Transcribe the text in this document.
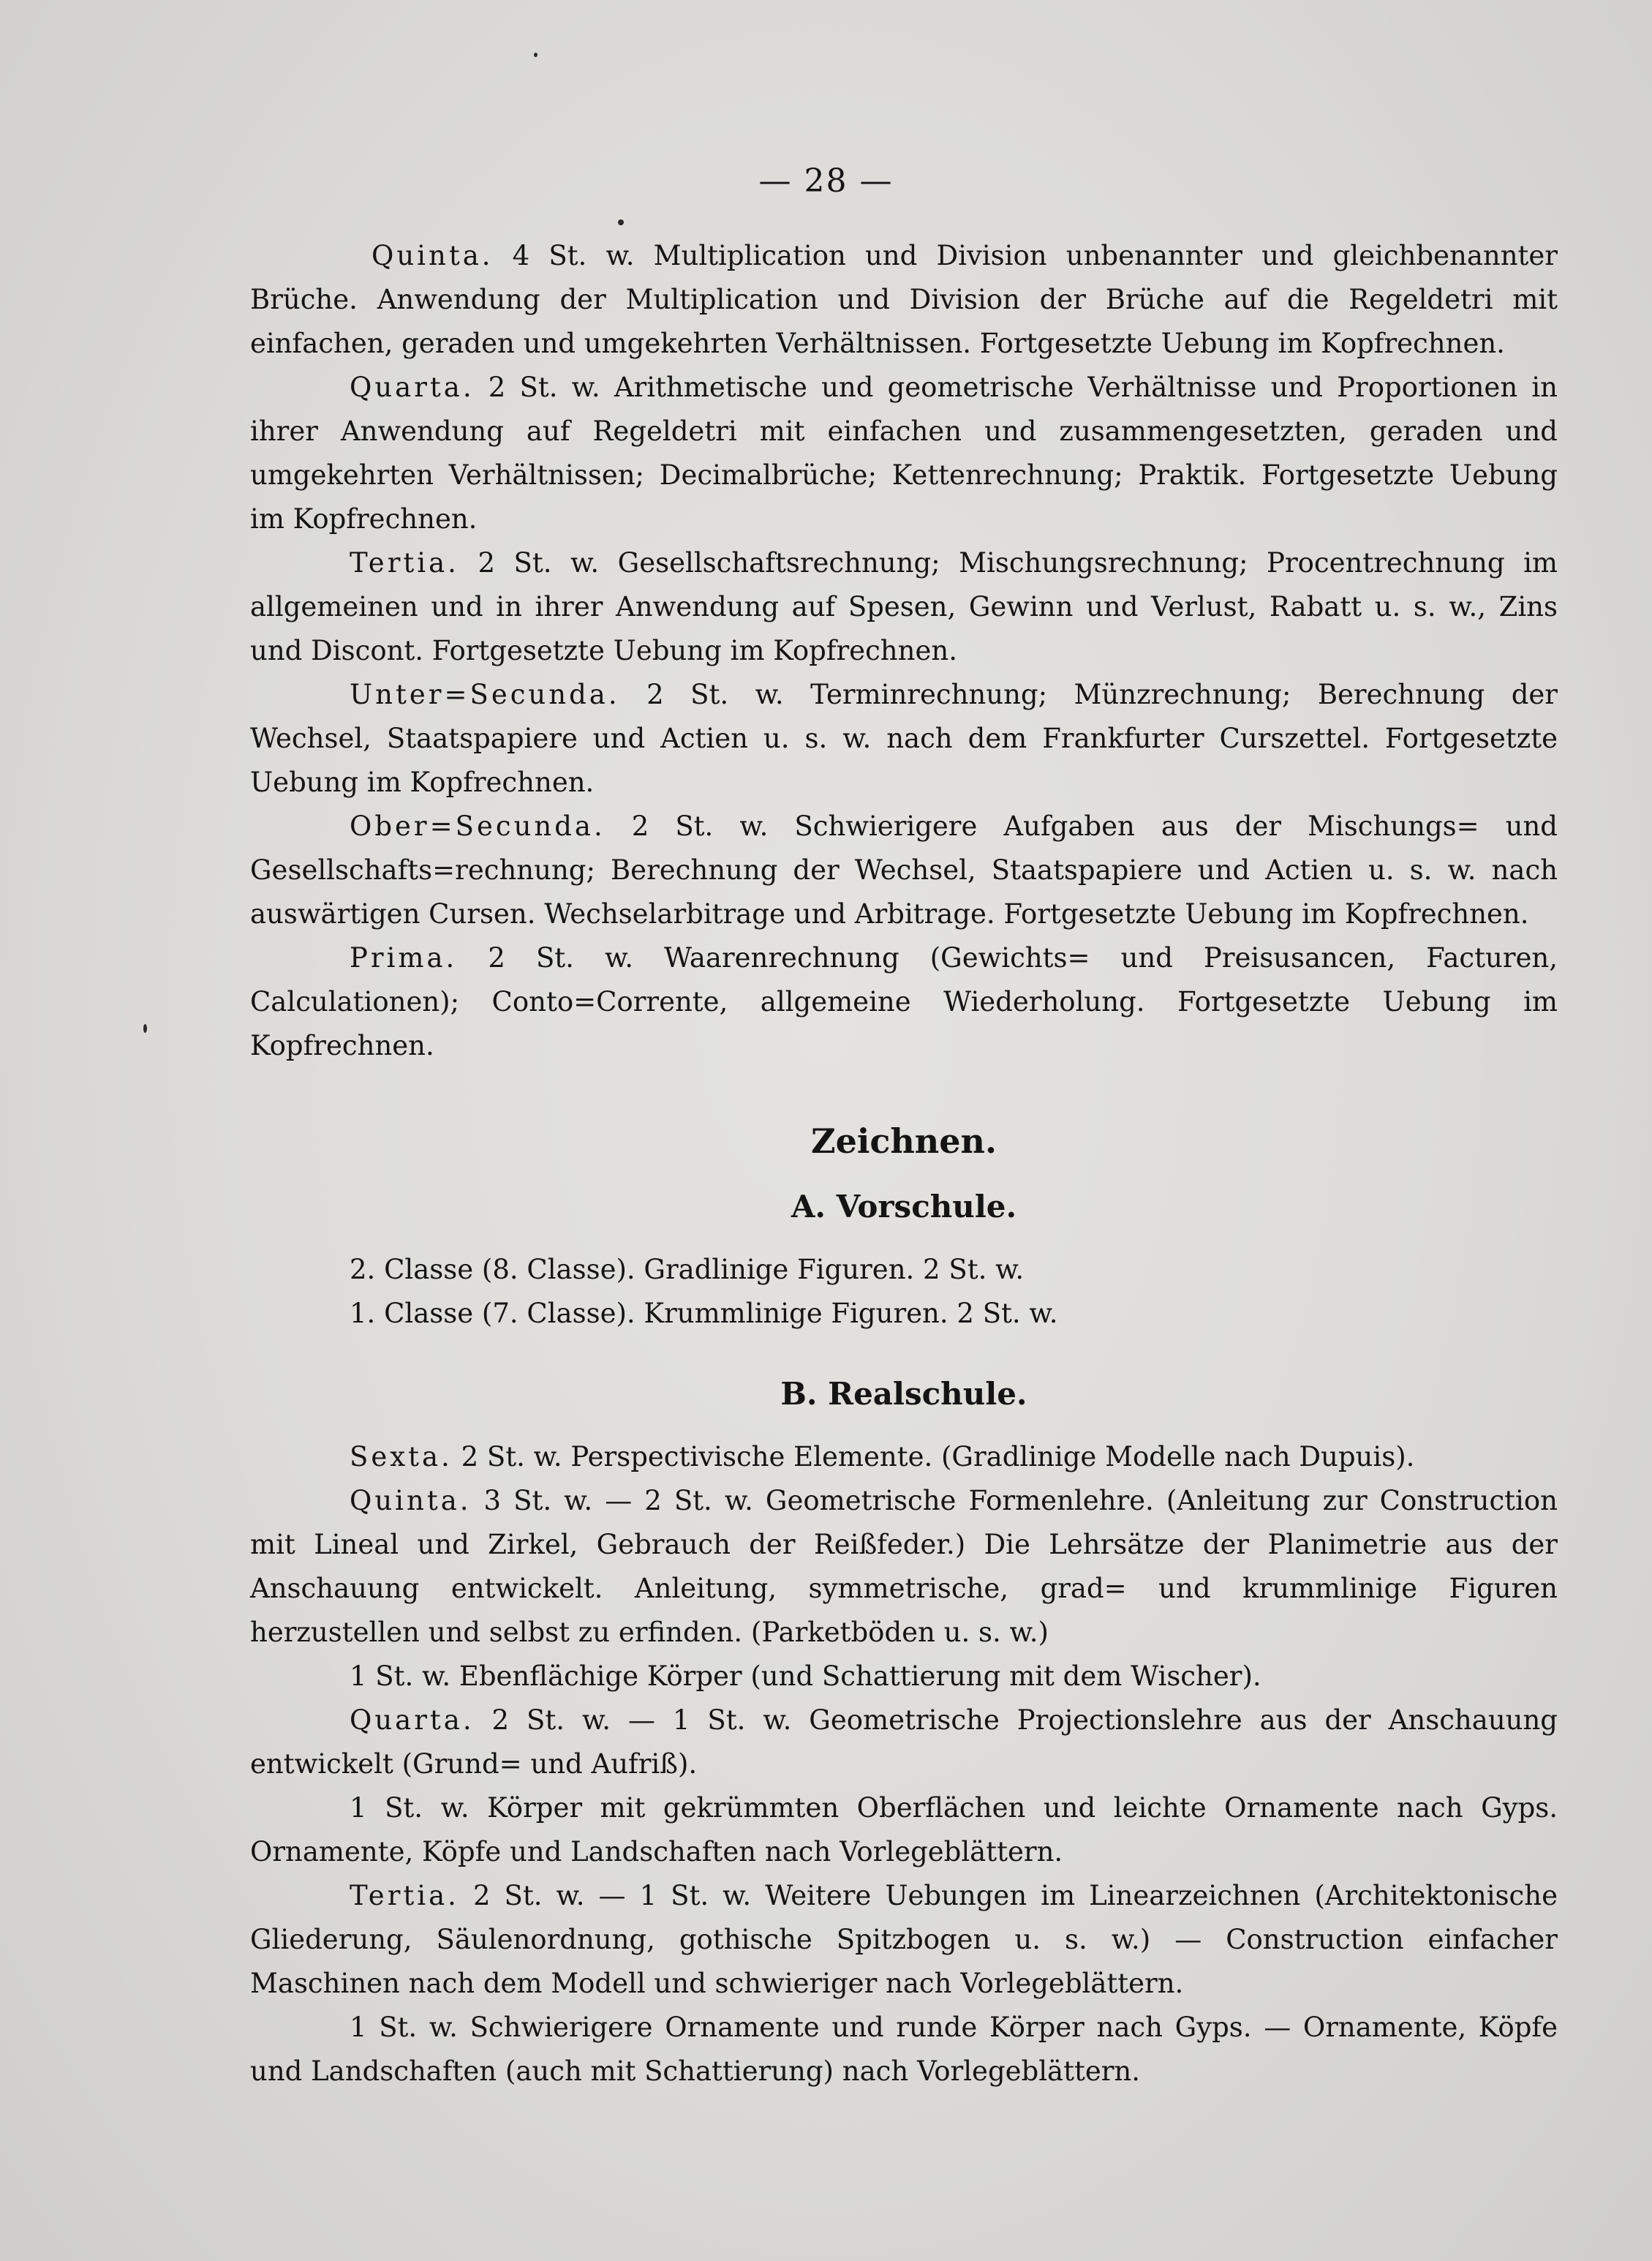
— 28 —

Quinta. 4 St. w. Multiplication und Division unbenannter und gleichbenannter Brüche. Anwendung der Multiplication und Division der Brüche auf die Regeldetri mit einfachen, geraden und umgekehrten Verhältnissen. Fortgesetzte Uebung im Kopfrechnen.

Quarta. 2 St. w. Arithmetische und geometrische Verhältnisse und Proportionen in ihrer Anwendung auf Regeldetri mit einfachen und zusammengesetzten, geraden und umgekehrten Verhältnissen; Decimalbrüche; Kettenrechnung; Praktik. Fortgesetzte Uebung im Kopfrechnen.

Tertia. 2 St. w. Gesellschaftsrechnung; Mischungsrechnung; Procentrechnung im allgemeinen und in ihrer Anwendung auf Spesen, Gewinn und Verlust, Rabatt u. s. w., Zins und Discont. Fortgesetzte Uebung im Kopfrechnen.

Unter=Secunda. 2 St. w. Terminrechnung; Münzrechnung; Berechnung der Wechsel, Staatspapiere und Actien u. s. w. nach dem Frankfurter Curszettel. Fortgesetzte Uebung im Kopfrechnen.

Ober=Secunda. 2 St. w. Schwierigere Aufgaben aus der Mischungs= und Gesellschafts=rechnung; Berechnung der Wechsel, Staatspapiere und Actien u. s. w. nach auswärtigen Cursen. Wechselarbitrage und Arbitrage. Fortgesetzte Uebung im Kopfrechnen.

Prima. 2 St. w. Waarenrechnung (Gewichts= und Preisusancen, Facturen, Calculationen); Conto=Corrente, allgemeine Wiederholung. Fortgesetzte Uebung im Kopfrechnen.

Zeichnen.
A. Vorschule.

2. Classe (8. Classe). Gradlinige Figuren. 2 St. w.

1. Classe (7. Classe). Krummlinige Figuren. 2 St. w.

B. Realschule.

Sexta. 2 St. w. Perspectivische Elemente. (Gradlinige Modelle nach Dupuis).

Quinta. 3 St. w. — 2 St. w. Geometrische Formenlehre. (Anleitung zur Construction mit Lineal und Zirkel, Gebrauch der Reißfeder.) Die Lehrsätze der Planimetrie aus der Anschauung entwickelt. Anleitung, symmetrische, grad= und krummlinige Figuren herzustellen und selbst zu erfinden. (Parketböden u. s. w.)

1 St. w. Ebenflächige Körper (und Schattierung mit dem Wischer).

Quarta. 2 St. w. — 1 St. w. Geometrische Projectionslehre aus der Anschauung entwickelt (Grund= und Aufriß).

1 St. w. Körper mit gekrümmten Oberflächen und leichte Ornamente nach Gyps. Ornamente, Köpfe und Landschaften nach Vorlegeblättern.

Tertia. 2 St. w. — 1 St. w. Weitere Uebungen im Linearzeichnen (Architektonische Gliederung, Säulenordnung, gothische Spitzbogen u. s. w.) — Construction einfacher Maschinen nach dem Modell und schwieriger nach Vorlegeblättern.

1 St. w. Schwierigere Ornamente und runde Körper nach Gyps. — Ornamente, Köpfe und Landschaften (auch mit Schattierung) nach Vorlegeblättern.
